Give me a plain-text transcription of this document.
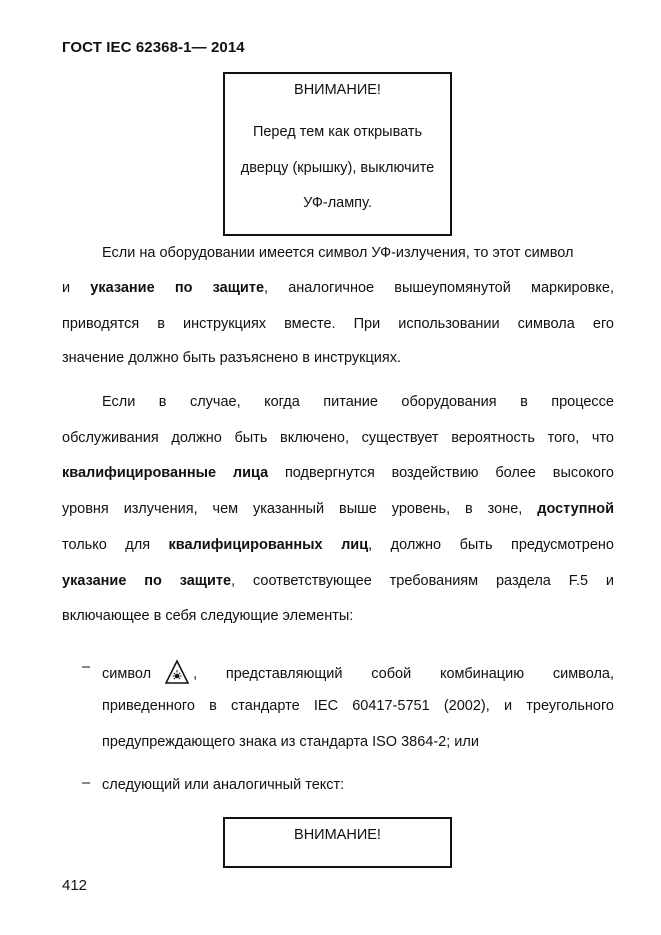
ГОСТ IEC 62368-1— 2014
ВНИМАНИЕ!
Перед тем как открывать
дверцу (крышку), выключите
УФ-лампу.
Если на оборудовании имеется символ УФ-излучения, то этот символ
и указание по защите, аналогичное вышеупомянутой маркировке,
приводятся в инструкциях вместе. При использовании символа его
значение должно быть разъяснено в инструкциях.
Если в случае, когда питание оборудования в процессе
обслуживания должно быть включено, существует вероятность того, что
квалифицированные лица подвергнутся воздействию более высокого
уровня излучения, чем указанный выше уровень, в зоне, доступной
только для квалифицированных лиц, должно быть предусмотрено
указание по защите, соответствующее требованиям раздела F.5 и
включающее в себя следующие элементы:
– символ	, представляющий собой комбинацию символа,
приведенного в стандарте IEC 60417-5751 (2002), и треугольного
предупреждающего знака из стандарта ISO 3864-2; или
– следующий или аналогичный текст:
ВНИМАНИЕ!
412
